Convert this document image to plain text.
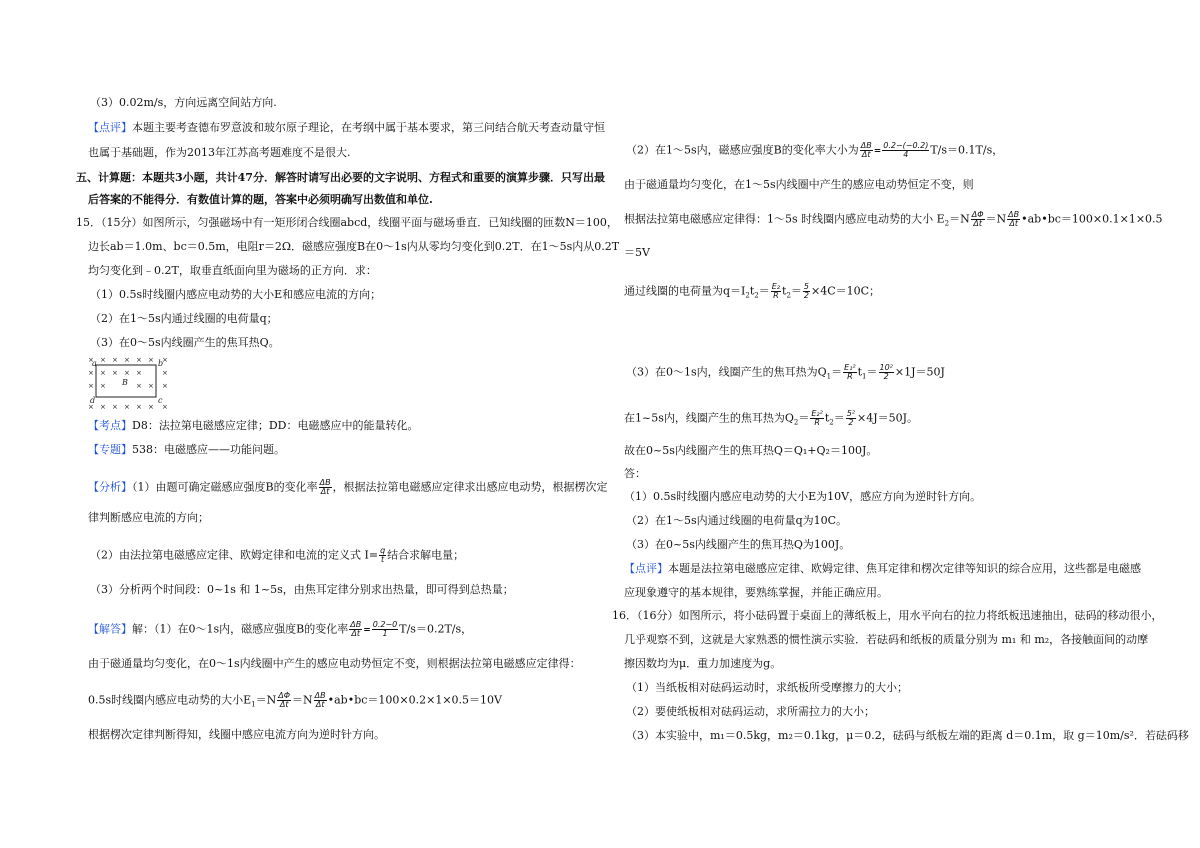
（3）0.02m/s，方向远离空间站方向.
【点评】本题主要考查德布罗意波和玻尔原子理论，在考纲中属于基本要求，第三问结合航天考查动量守恒
也属于基础题，作为2013年江苏高考题难度不是很大.
五、计算题：本题共3小题，共计47分．解答时请写出必要的文字说明、方程式和重要的演算步骤．只写出最
后答案的不能得分．有数值计算的题，答案中必须明确写出数值和单位.
15．（15分）如图所示，匀强磁场中有一矩形闭合线圈abcd，线圈平面与磁场垂直．已知线圈的匝数N＝100，
边长ab＝1.0m、bc＝0.5m，电阻r＝2Ω．磁感应强度B在0～1s内从零均匀变化到0.2T．在1～5s内从0.2T
均匀变化到﹣0.2T，取垂直纸面向里为磁场的正方向．求：
（1）0.5s时线圈内感应电动势的大小E和感应电流的方向；
（2）在1～5s内通过线圈的电荷量q；
（3）在0～5s内线圈产生的焦耳热Q。
× × × × × × ×
× × × × ×	×
× ×	× × ×
× × × × × × ×
a	b
c
d
B
【考点】D8：法拉第电磁感应定律；DD：电磁感应中的能量转化。
【专题】538：电磁感应——功能问题。
【分析】（1）由题可确定磁感应强度B的变化率 $\frac{\Delta B}{\Delta t}$ ，根据法拉第电磁感应定律求出感应电动势，根据楞次定
律判断感应电流的方向；
（2）由法拉第电磁感应定律、欧姆定律和电流的定义式 $I= \frac{q}{t}$ 结合求解电量；
（3）分析两个时间段：0~1s 和 1~5s，由焦耳定律分别求出热量，即可得到总热量；
【解答】解：（1）在0～1s内，磁感应强度B的变化率 $\frac{\Delta B}{\Delta t} = \frac{0.2-0}{1} T/s=0.2T/s$，
由于磁通量均匀变化，在0～1s内线圈中产生的感应电动势恒定不变，则根据法拉第电磁感应定律得：
0.5s时线圈内感应电动势的大小$E_1=N \frac{\Delta\Phi}{\Delta t} =N \frac{\Delta B}{\Delta t}$ •ab•bc＝100×0.2×1×0.5＝10V
根据楞次定律判断得知，线圈中感应电流方向为逆时针方向。
（2）在1～5s内，磁感应强度B的变化率大小为 $\frac{\Delta B}{\Delta t} = \frac{0.2-(-0.2)}{4} T/s=0.1T/s$，
由于磁通量均匀变化，在1～5s内线圈中产生的感应电动势恒定不变，则
根据法拉第电磁感应定律得：1～5s 时线圈内感应电动势的大小 $E_2=N \frac{\Delta\Phi}{\Delta t} =N \frac{\Delta B}{\Delta t}$ •ab•bc＝100×0.1×1×0.5
＝5V
通过线圈的电荷量为$q=I_2t_2= \frac{\text{E₂}}{R} t_2= \frac{5}{2} \times 4C=10C$；
（3）在0～1s内，线圈产生的焦耳热为$Q_1= \frac{\text{E₁²}}{R} t_1= \frac{\text{10²}}{2} \times 1J=50J$
在1~5s内，线圈产生的焦耳热为$Q_2= \frac{\text{E₂²}}{R} t_2= \frac{\text{5²}}{2} \times 4J=50J$。
故在0~5s内线圈产生的焦耳热Q＝Q₁+Q₂＝100J。
答：
（1）0.5s时线圈内感应电动势的大小E为10V，感应方向为逆时针方向。
（2）在1～5s内通过线圈的电荷量q为10C。
（3）在0~5s内线圈产生的焦耳热Q为100J。
【点评】本题是法拉第电磁感应定律、欧姆定律、焦耳定律和楞次定律等知识的综合应用，这些都是电磁感
应现象遵守的基本规律，要熟练掌握，并能正确应用。
16．（16分）如图所示，将小砝码置于桌面上的薄纸板上，用水平向右的拉力将纸板迅速抽出，砝码的移动很小，
几乎观察不到，这就是大家熟悉的惯性演示实验．若砝码和纸板的质量分别为 m₁ 和 m₂，各接触面间的动摩
擦因数均为μ．重力加速度为g。
（1）当纸板相对砝码运动时，求纸板所受摩擦力的大小；
（2）要使纸板相对砝码运动，求所需拉力的大小；
（3）本实验中，m₁＝0.5kg，m₂＝0.1kg，μ＝0.2，砝码与纸板左端的距离 d＝0.1m，取 g＝10m/s²．若砝码移
